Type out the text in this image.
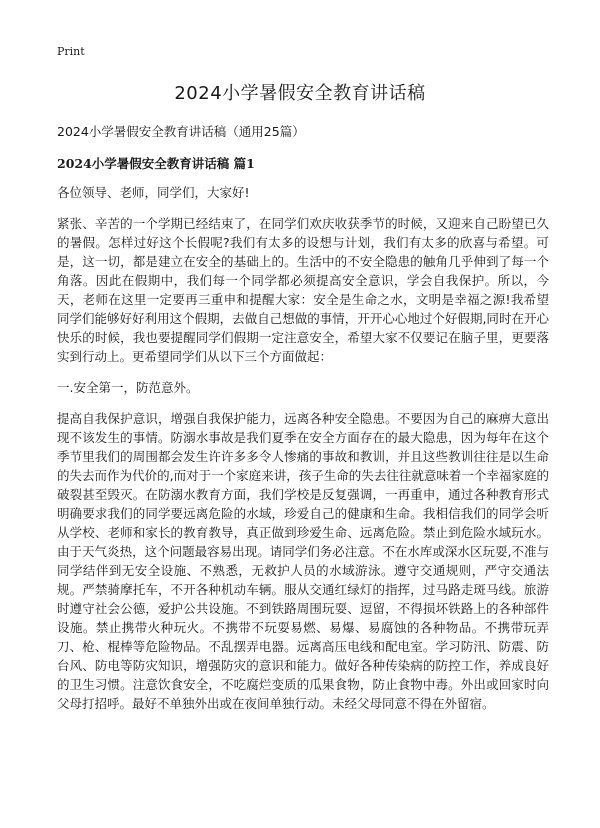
Print
2024小学暑假安全教育讲话稿

2024小学暑假安全教育讲话稿（通用25篇）

2024小学暑假安全教育讲话稿 篇1

各位领导、老师，同学们，大家好!

紧张、辛苦的一个学期已经结束了，在同学们欢庆收获季节的时候，又迎来自己盼望已久的暑假。怎样过好这个长假呢?我们有太多的设想与计划，我们有太多的欣喜与希望。可是，这一切，都是建立在安全的基础上的。生活中的不安全隐患的触角几乎伸到了每一个角落。因此在假期中，我们每一个同学都必须提高安全意识，学会自我保护。所以，今天，老师在这里一定要再三重申和提醒大家：安全是生命之水，文明是幸福之源!我希望同学们能够好好利用这个假期，去做自己想做的事情，开开心心地过个好假期,同时在开心快乐的时候，我也要提醒同学们假期一定注意安全，希望大家不仅要记在脑子里，更要落实到行动上。更希望同学们从以下三个方面做起：

一.安全第一，防范意外。

提高自我保护意识，增强自我保护能力，远离各种安全隐患。不要因为自己的麻痹大意出现不该发生的事情。防溺水事故是我们夏季在安全方面存在的最大隐患，因为每年在这个季节里我们的周围都会发生许许多多令人惨痛的事故和教训，并且这些教训往往是以生命的失去而作为代价的,而对于一个家庭来讲，孩子生命的失去往往就意味着一个幸福家庭的破裂甚至毁灭。在防溺水教育方面，我们学校是反复强调，一再重申，通过各种教育形式明确要求我们的同学要远离危险的水域，珍爱自己的健康和生命。我相信我们的同学会听从学校、老师和家长的教育教导，真正做到珍爱生命、远离危险。禁止到危险水域玩水。由于天气炎热，这个问题最容易出现。请同学们务必注意。不在水库或深水区玩耍,不准与同学结伴到无安全设施、不熟悉，无救护人员的水域游泳。遵守交通规则，严守交通法规。严禁骑摩托车，不开各种机动车辆。服从交通红绿灯的指挥，过马路走斑马线。旅游时遵守社会公德，爱护公共设施。不到铁路周围玩耍、逗留，不得损坏铁路上的各种部件设施。禁止携带火种玩火。不携带不玩耍易燃、易爆、易腐蚀的各种物品。不携带玩弄刀、枪、棍棒等危险物品。不乱摆弄电器。远离高压电线和配电室。学习防汛、防震、防台风、防电等防灾知识，增强防灾的意识和能力。做好各种传染病的防控工作，养成良好的卫生习惯。注意饮食安全，不吃腐烂变质的瓜果食物，防止食物中毒。外出或回家时向父母打招呼。最好不单独外出或在夜间单独行动。未经父母同意不得在外留宿。
